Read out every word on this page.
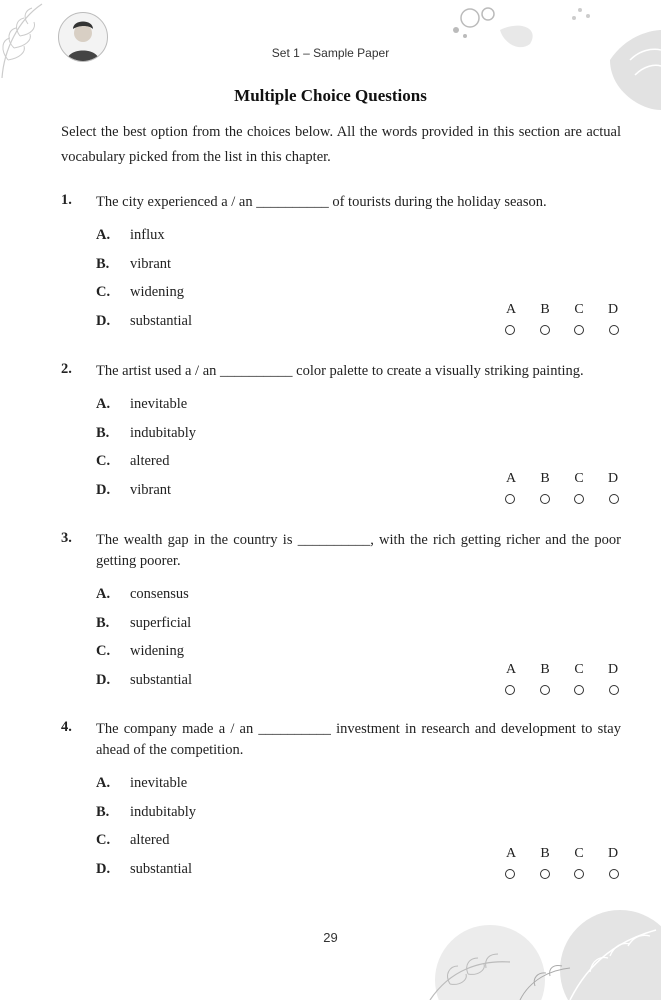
Set 1 – Sample Paper
Multiple Choice Questions
Select the best option from the choices below. All the words provided in this section are actual vocabulary picked from the list in this chapter.
1. The city experienced a / an __________ of tourists during the holiday season.
A.	influx
B.	vibrant
C.	widening
D.	substantial
A B C D
2. The artist used a / an __________ color palette to create a visually striking painting.
A.	inevitable
B.	indubitably
C.	altered
D.	vibrant
A B C D
3. The wealth gap in the country is __________, with the rich getting richer and the poor getting poorer.
A.	consensus
B.	superficial
C.	widening
D.	substantial
A B C D
4. The company made a / an __________ investment in research and development to stay ahead of the competition.
A.	inevitable
B.	indubitably
C.	altered
D.	substantial
A B C D
29
